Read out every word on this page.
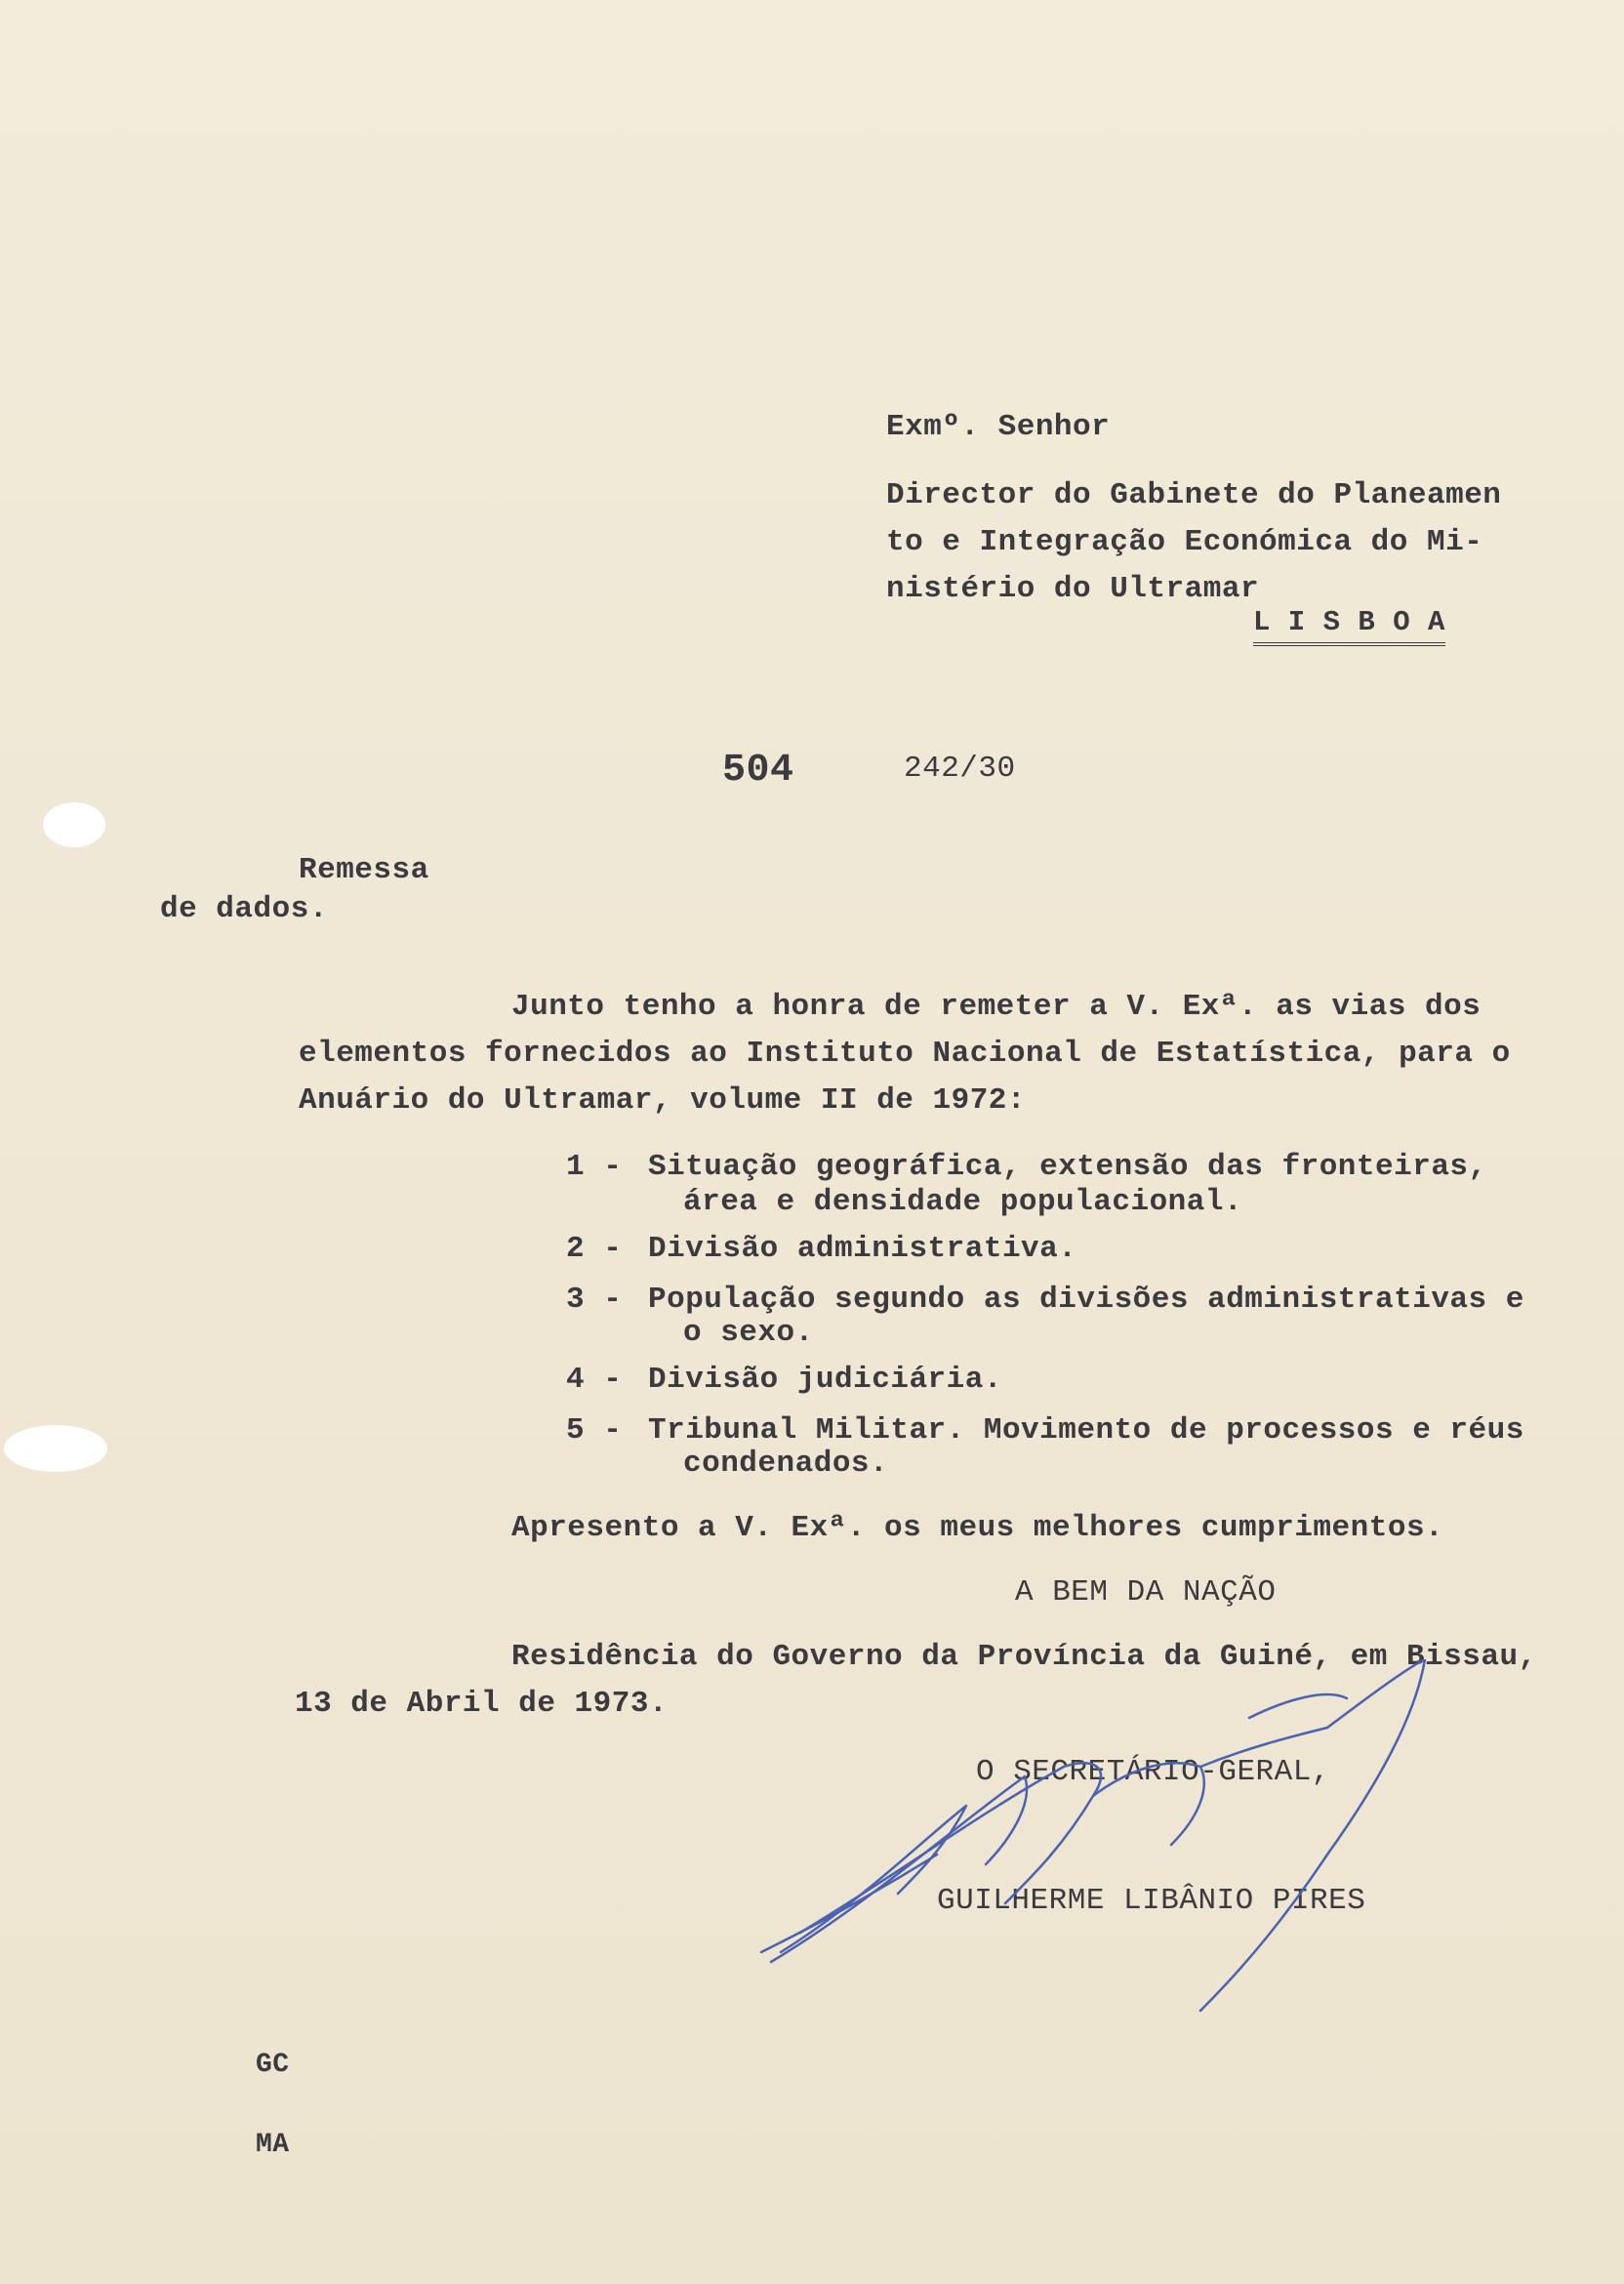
Exmº. Senhor
Director do Gabinete do Planeamen
to e Integração Económica do Mi-
nistério do Ultramar
L I S B O A
504	242/30
Remessa
de dados.
Junto tenho a honra de remeter a V. Exª. as vias dos
elementos fornecidos ao Instituto Nacional de Estatística, para o
Anuário do Ultramar, volume II de 1972:
1 - Situação geográfica, extensão das fronteiras,
área e densidade populacional.
2 - Divisão administrativa.
3 - População segundo as divisões administrativas e
o sexo.
4 - Divisão judiciária.
5 - Tribunal Militar. Movimento de processos e réus
condenados.
Apresento a V. Exª. os meus melhores cumprimentos.
A BEM DA NAÇÃO
Residência do Governo da Província da Guiné, em Bissau,
13 de Abril de 1973.
O SECRETÁRIO-GERAL,
GUILHERME LIBÂNIO PIRES
GC
MA
